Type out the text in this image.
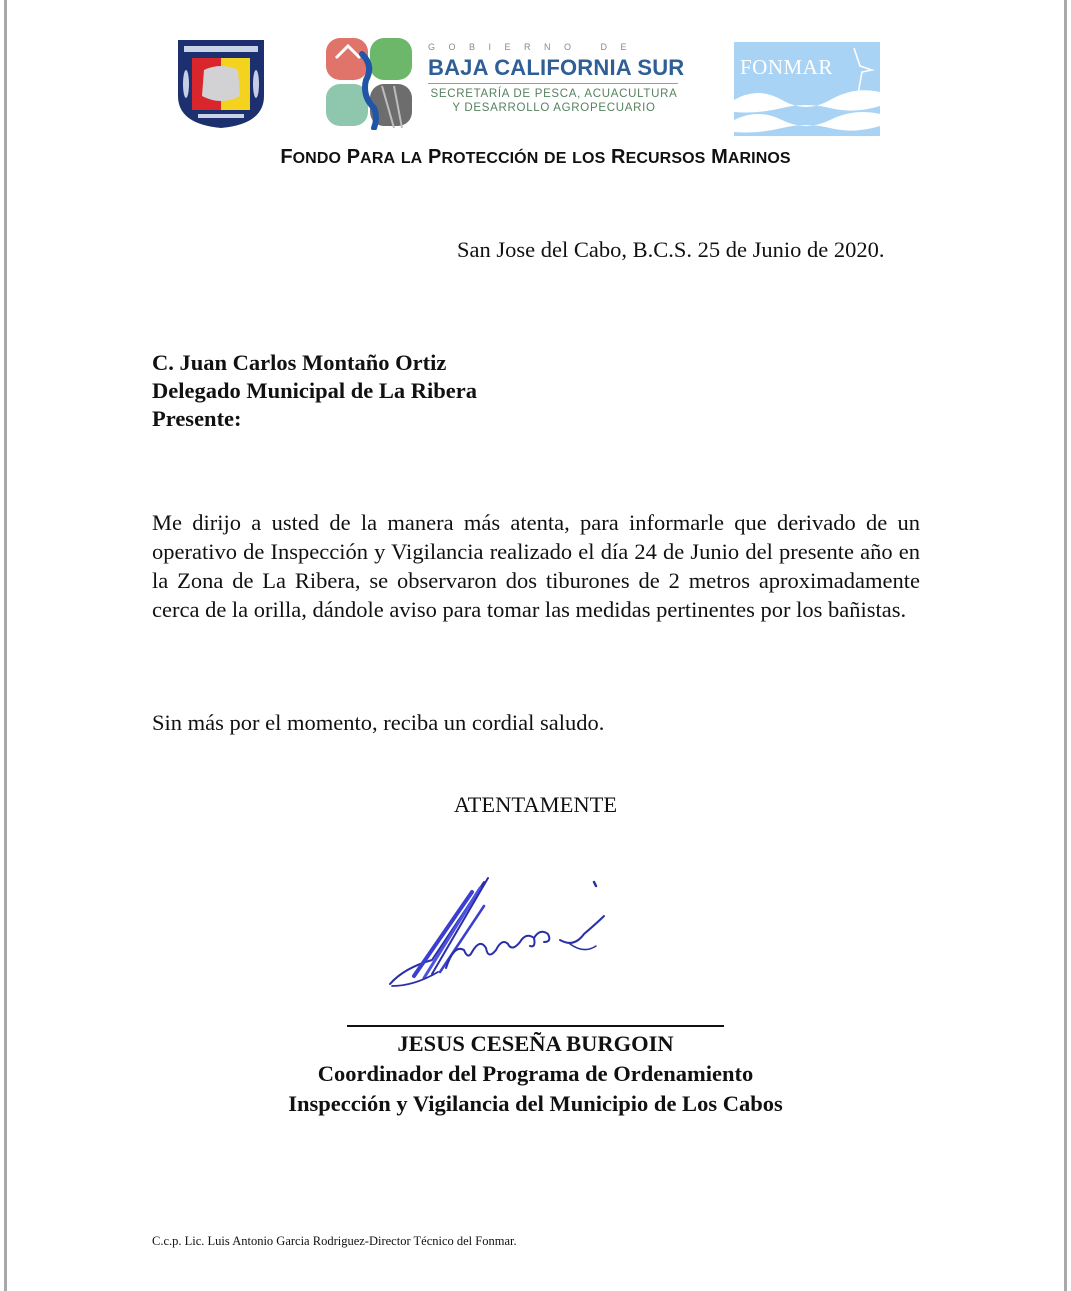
GOBIERNO DE
BAJA CALIFORNIA SUR
SECRETARÍA DE PESCA, ACUACULTURA
Y DESARROLLO AGROPECUARIO
FONMAR
FONDO PARA LA PROTECCIÓN DE LOS RECURSOS MARINOS
San Jose del Cabo, B.C.S. 25 de Junio de 2020.
C. Juan Carlos Montaño Ortiz
Delegado Municipal de La Ribera
Presente:
Me dirijo a usted de la manera más atenta, para informarle que derivado de un operativo de Inspección y Vigilancia realizado el día 24 de Junio del presente año en la Zona de La Ribera, se observaron dos tiburones de 2 metros aproximadamente cerca de la orilla, dándole aviso para tomar las medidas pertinentes por los bañistas.
Sin más por el momento, reciba un cordial saludo.
ATENTAMENTE
JESUS CESEÑA BURGOIN
Coordinador del Programa de Ordenamiento
Inspección y Vigilancia del Municipio de Los Cabos
C.c.p. Lic. Luis Antonio Garcia Rodriguez-Director Técnico del Fonmar.
